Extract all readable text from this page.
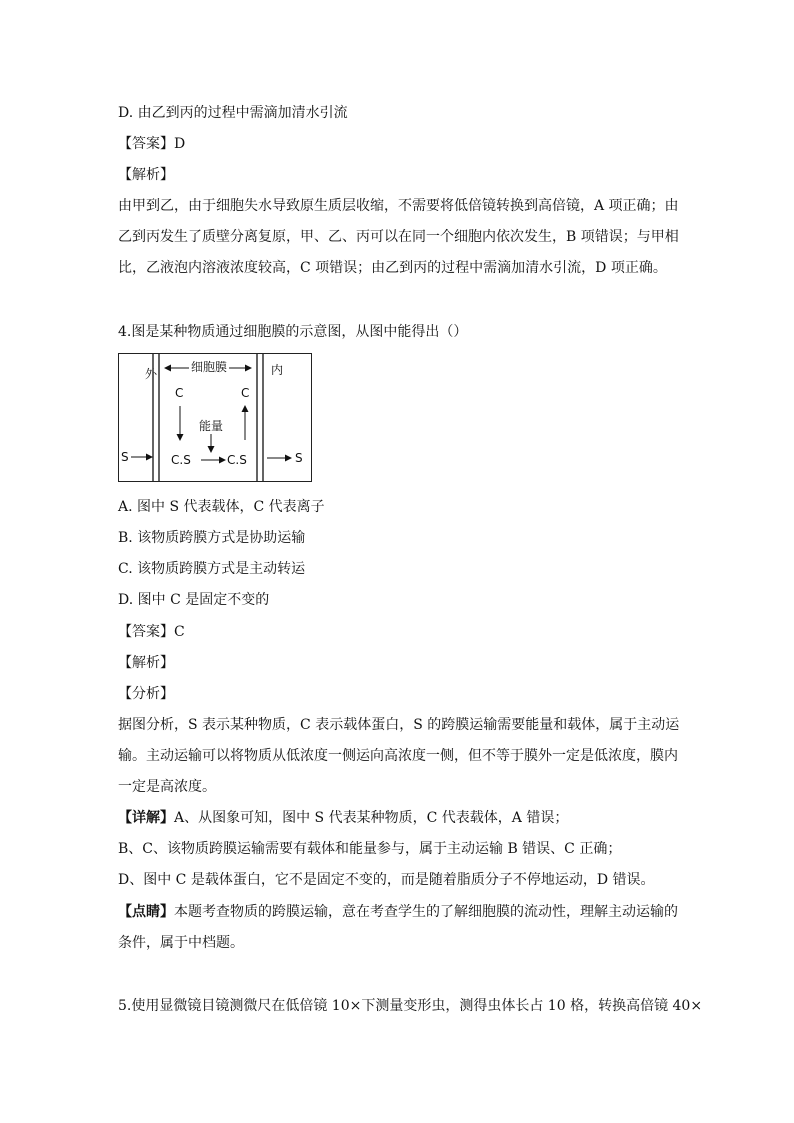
D. 由乙到丙的过程中需滴加清水引流
【答案】D
【解析】
由甲到乙，由于细胞失水导致原生质层收缩，不需要将低倍镜转换到高倍镜，A 项正确；由
乙到丙发生了质壁分离复原，甲、乙、丙可以在同一个细胞内依次发生，B 项错误；与甲相
比，乙液泡内溶液浓度较高，C 项错误；由乙到丙的过程中需滴加清水引流，D 项正确。
4.图是某种物质通过细胞膜的示意图，从图中能得出（）
细胞膜
外	内
C	C
能量
S	C.S	C.S	S
A. 图中 S 代表载体，C 代表离子
B. 该物质跨膜方式是协助运输
C. 该物质跨膜方式是主动转运
D. 图中 C 是固定不变的
【答案】C
【解析】
【分析】
据图分析，S 表示某种物质，C 表示载体蛋白，S 的跨膜运输需要能量和载体，属于主动运
输。主动运输可以将物质从低浓度一侧运向高浓度一侧，但不等于膜外一定是低浓度，膜内
一定是高浓度。
【详解】A、从图象可知，图中 S 代表某种物质，C 代表载体，A 错误；
B、C、该物质跨膜运输需要有载体和能量参与，属于主动运输 B 错误、C 正确；
D、图中 C 是载体蛋白，它不是固定不变的，而是随着脂质分子不停地运动，D 错误。
【点睛】本题考查物质的跨膜运输，意在考查学生的了解细胞膜的流动性，理解主动运输的
条件，属于中档题。
5.使用显微镜目镜测微尺在低倍镜 10×下测量变形虫，测得虫体长占 10 格，转换高倍镜 40×
